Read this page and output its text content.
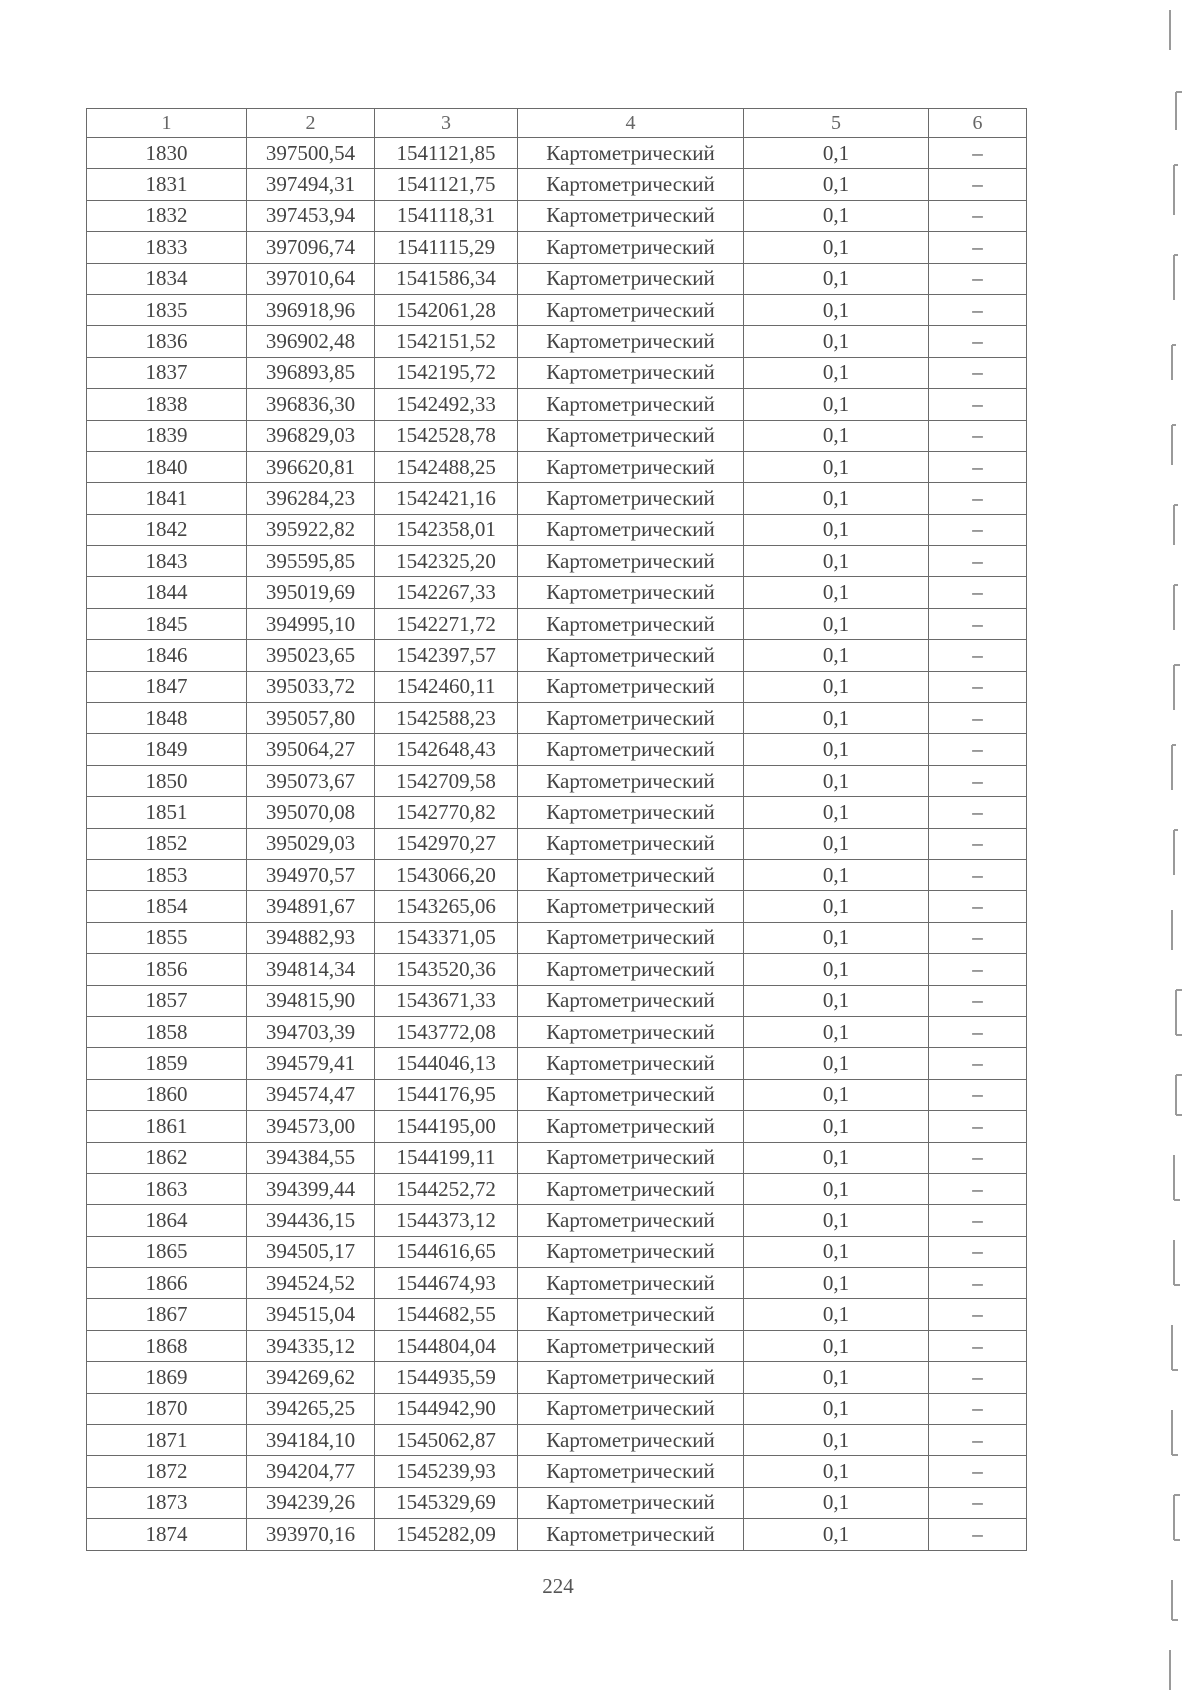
1	2	3	4	5	6
1830	397500,54	1541121,85	Картометрический	0,1	–
1831	397494,31	1541121,75	Картометрический	0,1	–
1832	397453,94	1541118,31	Картометрический	0,1	–
1833	397096,74	1541115,29	Картометрический	0,1	–
1834	397010,64	1541586,34	Картометрический	0,1	–
1835	396918,96	1542061,28	Картометрический	0,1	–
1836	396902,48	1542151,52	Картометрический	0,1	–
1837	396893,85	1542195,72	Картометрический	0,1	–
1838	396836,30	1542492,33	Картометрический	0,1	–
1839	396829,03	1542528,78	Картометрический	0,1	–
1840	396620,81	1542488,25	Картометрический	0,1	–
1841	396284,23	1542421,16	Картометрический	0,1	–
1842	395922,82	1542358,01	Картометрический	0,1	–
1843	395595,85	1542325,20	Картометрический	0,1	–
1844	395019,69	1542267,33	Картометрический	0,1	–
1845	394995,10	1542271,72	Картометрический	0,1	–
1846	395023,65	1542397,57	Картометрический	0,1	–
1847	395033,72	1542460,11	Картометрический	0,1	–
1848	395057,80	1542588,23	Картометрический	0,1	–
1849	395064,27	1542648,43	Картометрический	0,1	–
1850	395073,67	1542709,58	Картометрический	0,1	–
1851	395070,08	1542770,82	Картометрический	0,1	–
1852	395029,03	1542970,27	Картометрический	0,1	–
1853	394970,57	1543066,20	Картометрический	0,1	–
1854	394891,67	1543265,06	Картометрический	0,1	–
1855	394882,93	1543371,05	Картометрический	0,1	–
1856	394814,34	1543520,36	Картометрический	0,1	–
1857	394815,90	1543671,33	Картометрический	0,1	–
1858	394703,39	1543772,08	Картометрический	0,1	–
1859	394579,41	1544046,13	Картометрический	0,1	–
1860	394574,47	1544176,95	Картометрический	0,1	–
1861	394573,00	1544195,00	Картометрический	0,1	–
1862	394384,55	1544199,11	Картометрический	0,1	–
1863	394399,44	1544252,72	Картометрический	0,1	–
1864	394436,15	1544373,12	Картометрический	0,1	–
1865	394505,17	1544616,65	Картометрический	0,1	–
1866	394524,52	1544674,93	Картометрический	0,1	–
1867	394515,04	1544682,55	Картометрический	0,1	–
1868	394335,12	1544804,04	Картометрический	0,1	–
1869	394269,62	1544935,59	Картометрический	0,1	–
1870	394265,25	1544942,90	Картометрический	0,1	–
1871	394184,10	1545062,87	Картометрический	0,1	–
1872	394204,77	1545239,93	Картометрический	0,1	–
1873	394239,26	1545329,69	Картометрический	0,1	–
1874	393970,16	1545282,09	Картометрический	0,1	–
224
